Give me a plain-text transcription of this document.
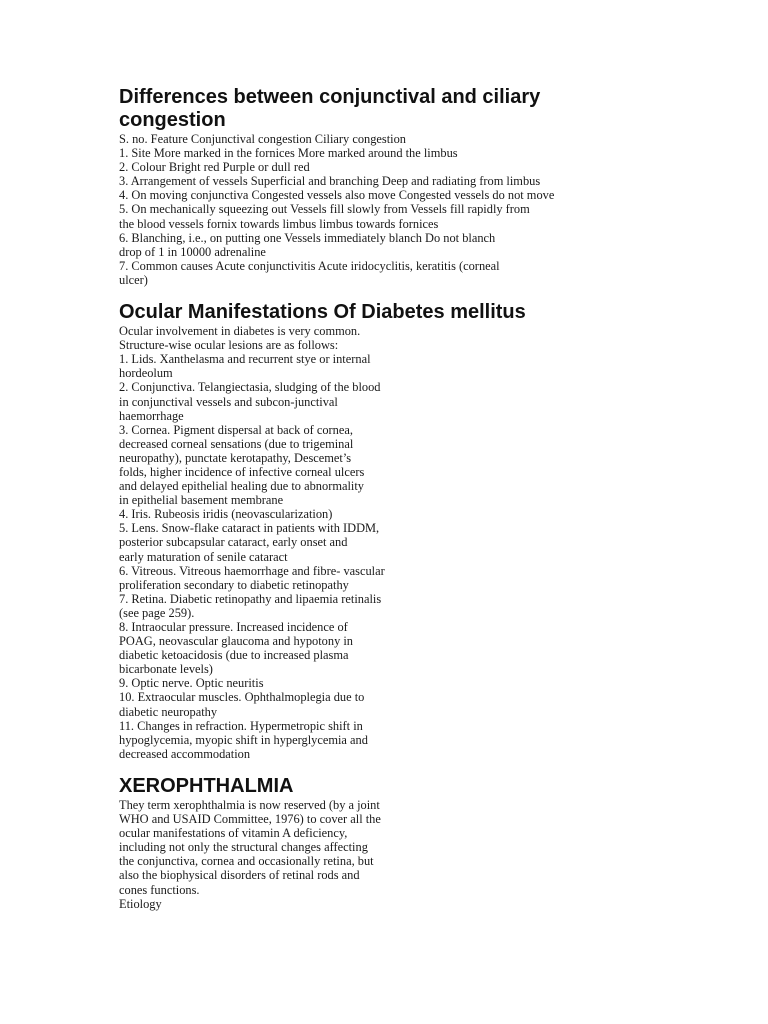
Differences between conjunctival and ciliary
congestion
S. no. Feature Conjunctival congestion Ciliary congestion
1. Site More marked in the fornices More marked around the limbus
2. Colour Bright red Purple or dull red
3. Arrangement of vessels Superficial and branching Deep and radiating from limbus
4. On moving conjunctiva Congested vessels also move Congested vessels do not move
5. On mechanically squeezing out Vessels fill slowly from Vessels fill rapidly from
the blood vessels fornix towards limbus limbus towards fornices
6. Blanching, i.e., on putting one Vessels immediately blanch Do not blanch
drop of 1 in 10000 adrenaline
7. Common causes Acute conjunctivitis Acute iridocyclitis, keratitis (corneal
ulcer)
Ocular Manifestations Of Diabetes mellitus
Ocular involvement in diabetes is very common.
Structure-wise ocular lesions are as follows:
1. Lids. Xanthelasma and recurrent stye or internal
hordeolum
2. Conjunctiva. Telangiectasia, sludging of the blood
in conjunctival vessels and subcon-junctival
haemorrhage
3. Cornea. Pigment dispersal at back of cornea,
decreased corneal sensations (due to trigeminal
neuropathy), punctate kerotapathy, Descemet’s
folds, higher incidence of infective corneal ulcers
and delayed epithelial healing due to abnormality
in epithelial basement membrane
4. Iris. Rubeosis iridis (neovascularization)
5. Lens. Snow-flake cataract in patients with IDDM,
posterior subcapsular cataract, early onset and
early maturation of senile cataract
6. Vitreous. Vitreous haemorrhage and fibre- vascular
proliferation secondary to diabetic retinopathy
7. Retina. Diabetic retinopathy and lipaemia retinalis
(see page 259).
8. Intraocular pressure. Increased incidence of
POAG, neovascular glaucoma and hypotony in
diabetic ketoacidosis (due to increased plasma
bicarbonate levels)
9. Optic nerve. Optic neuritis
10. Extraocular muscles. Ophthalmoplegia due to
diabetic neuropathy
11. Changes in refraction. Hypermetropic shift in
hypoglycemia, myopic shift in hyperglycemia and
decreased accommodation
XEROPHTHALMIA
They term xerophthalmia is now reserved (by a joint
WHO and USAID Committee, 1976) to cover all the
ocular manifestations of vitamin A deficiency,
including not only the structural changes affecting
the conjunctiva, cornea and occasionally retina, but
also the biophysical disorders of retinal rods and
cones functions.
Etiology
